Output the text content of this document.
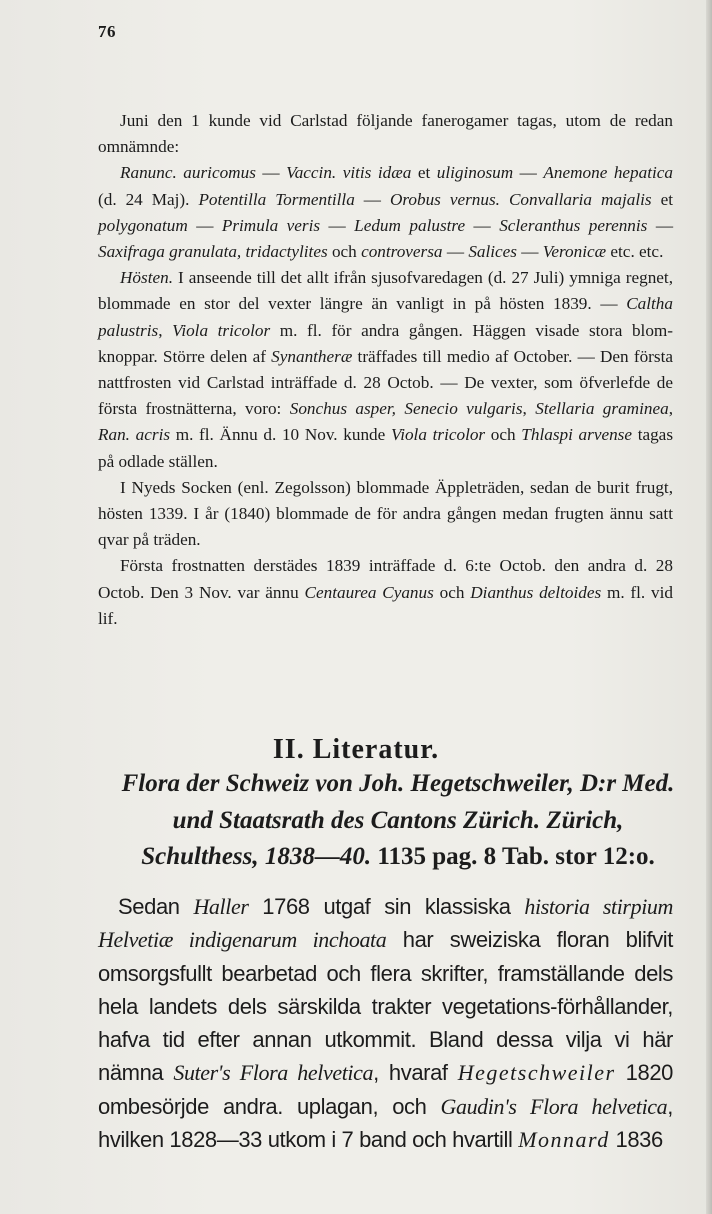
76

Juni den 1 kunde vid Carlstad följande fanerogamer tagas, utom de redan omnämnde:

Ranunc. auricomus — Vaccin. vitis idæa et uliginosum — Anemone hepatica (d. 24 Maj). Potentilla Tormentilla — Orobus vernus. Convallaria majalis et polygonatum — Primula veris — Ledum palustre — Scleranthus perennis — Saxifraga granulata, tridactylites och controversa — Salices — Veronicæ etc. etc.

Hösten. I anseende till det allt ifrån sjusofvaredagen (d. 27 Juli) ymniga regnet, blommade en stor del vexter längre än vanligt in på hösten 1839. — Caltha palustris, Viola tricolor m. fl. för andra gången. Häggen visade stora blom-knoppar. Större delen af Synantheræ träffades till medio af October. — Den första nattfrosten vid Carlstad inträffade d. 28 Octob. — De vexter, som öfverlefde de första frostnätterna, voro: Sonchus asper, Senecio vulgaris, Stellaria graminea, Ran. acris m. fl. Ännu d. 10 Nov. kunde Viola tricolor och Thlaspi arvense tagas på odlade ställen.

I Nyeds Socken (enl. Zegolsson) blommade Äppleträden, sedan de burit frugt, hösten 1339. I år (1840) blommade de för andra gången medan frugten ännu satt qvar på träden.

Första frostnatten derstädes 1839 inträffade d. 6:te Octob. den andra d. 28 Octob. Den 3 Nov. var ännu Centaurea Cyanus och Dianthus deltoides m. fl. vid lif.

II. Literatur.
Flora der Schweiz von Joh. Hegetschweiler, D:r Med. und Staatsrath des Cantons Zürich. Zürich, Schulthess, 1838—40. 1135 pag. 8 Tab. stor 12:o.
Sedan Haller 1768 utgaf sin klassiska historia stirpium Helvetiæ indigenarum inchoata har sweiziska floran blifvit omsorgsfullt bearbetad och flera skrifter, framställande dels hela landets dels särskilda trakter vegetations-förhållander, hafva tid efter annan utkommit. Bland dessa vilja vi här nämna Suter's Flora helvetica, hvaraf Hegetschweiler 1820 ombesörjde andra. uplagan, och Gaudin's Flora helvetica, hvilken 1828—33 utkom i 7 band och hvartill Monnard 1836
